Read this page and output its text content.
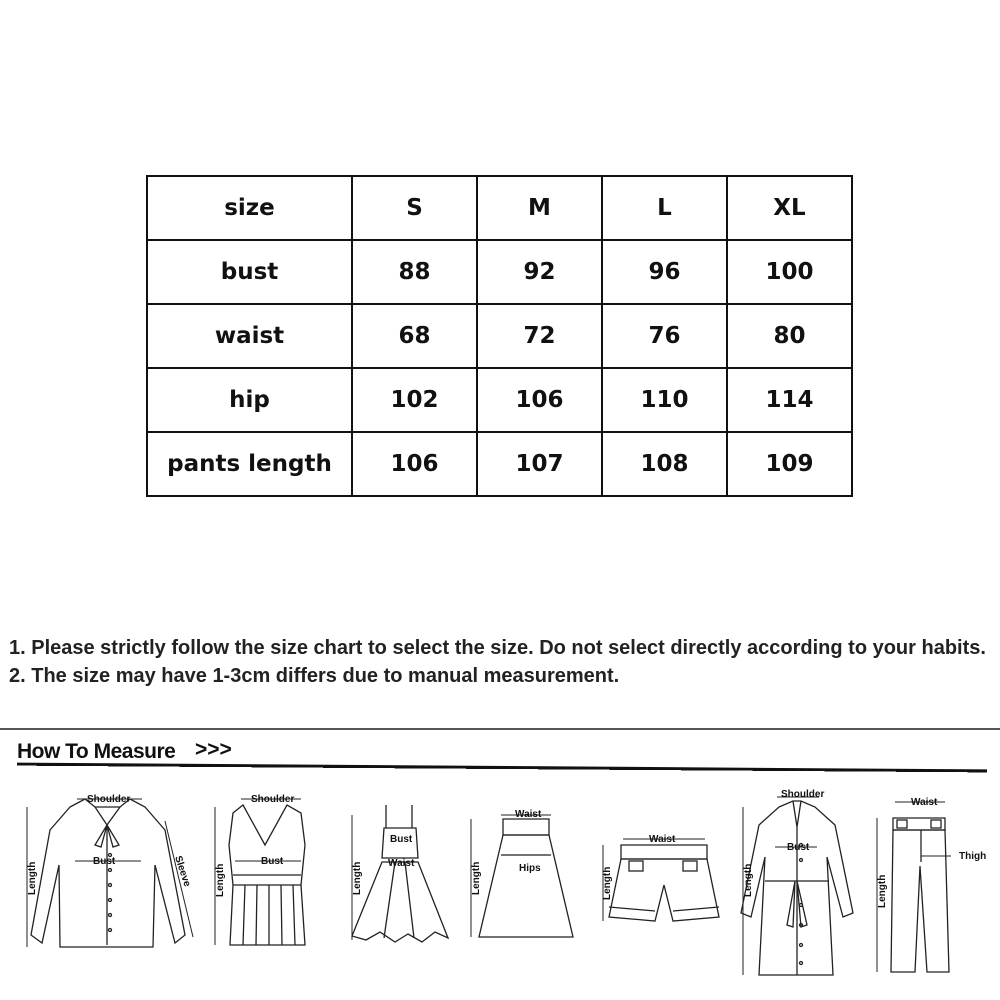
size	S	M	L	XL
bust	88	92	96	100
waist	68	72	76	80
hip	102	106	110	114
pants length	106	107	108	109

1. Please strictly follow the size chart to select the size. Do not select directly according to your habits.

2. The size may have 1-3cm differs due to manual measurement.

How To Measure >>>
Shoulder
Bust
Length	Sleeve
Shoulder
Bust
Length
Bust
Waist
Length
Waist
Hips
Length
Waist
Length
Shoulder
Bust
Length
Waist
Thigh
Length
